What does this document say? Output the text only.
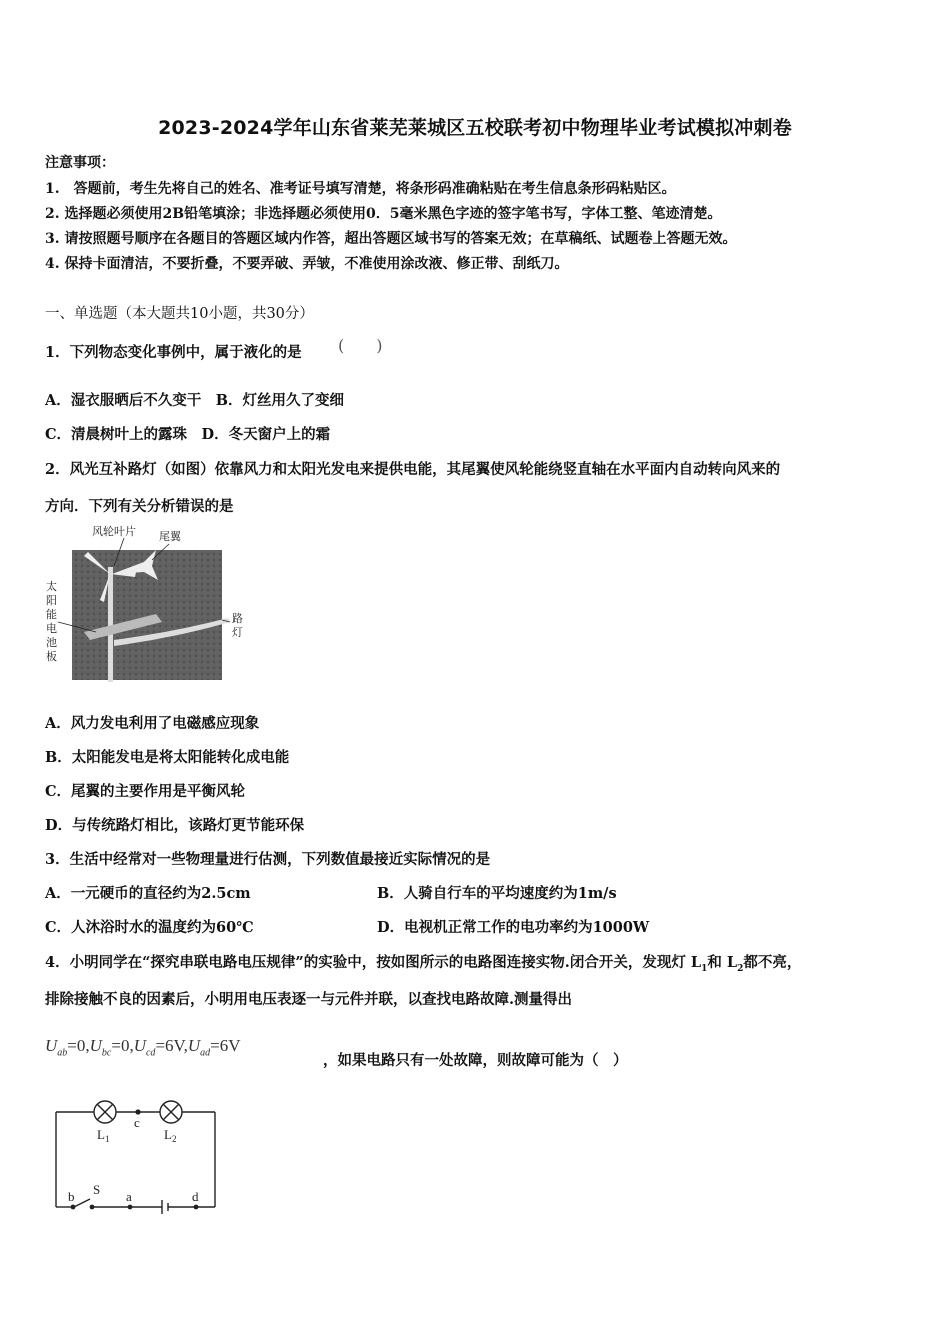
2023-2024学年山东省莱芜莱城区五校联考初中物理毕业考试模拟冲刺卷
注意事项：
1.　答题前，考生先将自己的姓名、准考证号填写清楚，将条形码准确粘贴在考生信息条形码粘贴区。
2. 选择题必须使用2B铅笔填涂；非选择题必须使用0．5毫米黑色字迹的签字笔书写，字体工整、笔迹清楚。
3. 请按照题号顺序在各题目的答题区域内作答，超出答题区域书写的答案无效；在草稿纸、试题卷上答题无效。
4. 保持卡面清洁，不要折叠，不要弄破、弄皱，不准使用涂改液、修正带、刮纸刀。
一、单选题（本大题共10小题，共30分）
1．下列物态变化事例中，属于液化的是 (　　)
A．湿衣服晒后不久变干　B．灯丝用久了变细
C．清晨树叶上的露珠　D．冬天窗户上的霜
2．风光互补路灯（如图）依靠风力和太阳光发电来提供电能，其尾翼使风轮能绕竖直轴在水平面内自动转向风来的
方向．下列有关分析错误的是
风轮叶片 尾翼
太
阳
能
电
池
板
路
灯
A．风力发电利用了电磁感应现象
B．太阳能发电是将太阳能转化成电能
C．尾翼的主要作用是平衡风轮
D．与传统路灯相比，该路灯更节能环保
3．生活中经常对一些物理量进行估测，下列数值最接近实际情况的是
A．一元硬币的直径约为2.5cm	B．人骑自行车的平均速度约为1m/s
C．人沐浴时水的温度约为60℃	D．电视机正常工作的电功率约为1000W
4．小明同学在“探究串联电路电压规律”的实验中，按如图所示的电路图连接实物.闭合开关，发现灯 $L_1$和 $L_2$都不亮，
排除接触不良的因素后，小明用电压表逐一与元件并联，以查找电路故障.测量得出
$U_{ab}=0,U_{bc}=0,U_{cd}=6V,U_{ad}=6V$
，如果电路只有一处故障，则故障可能为（　）
c
$L_1$	$L_2$
b S a	d
